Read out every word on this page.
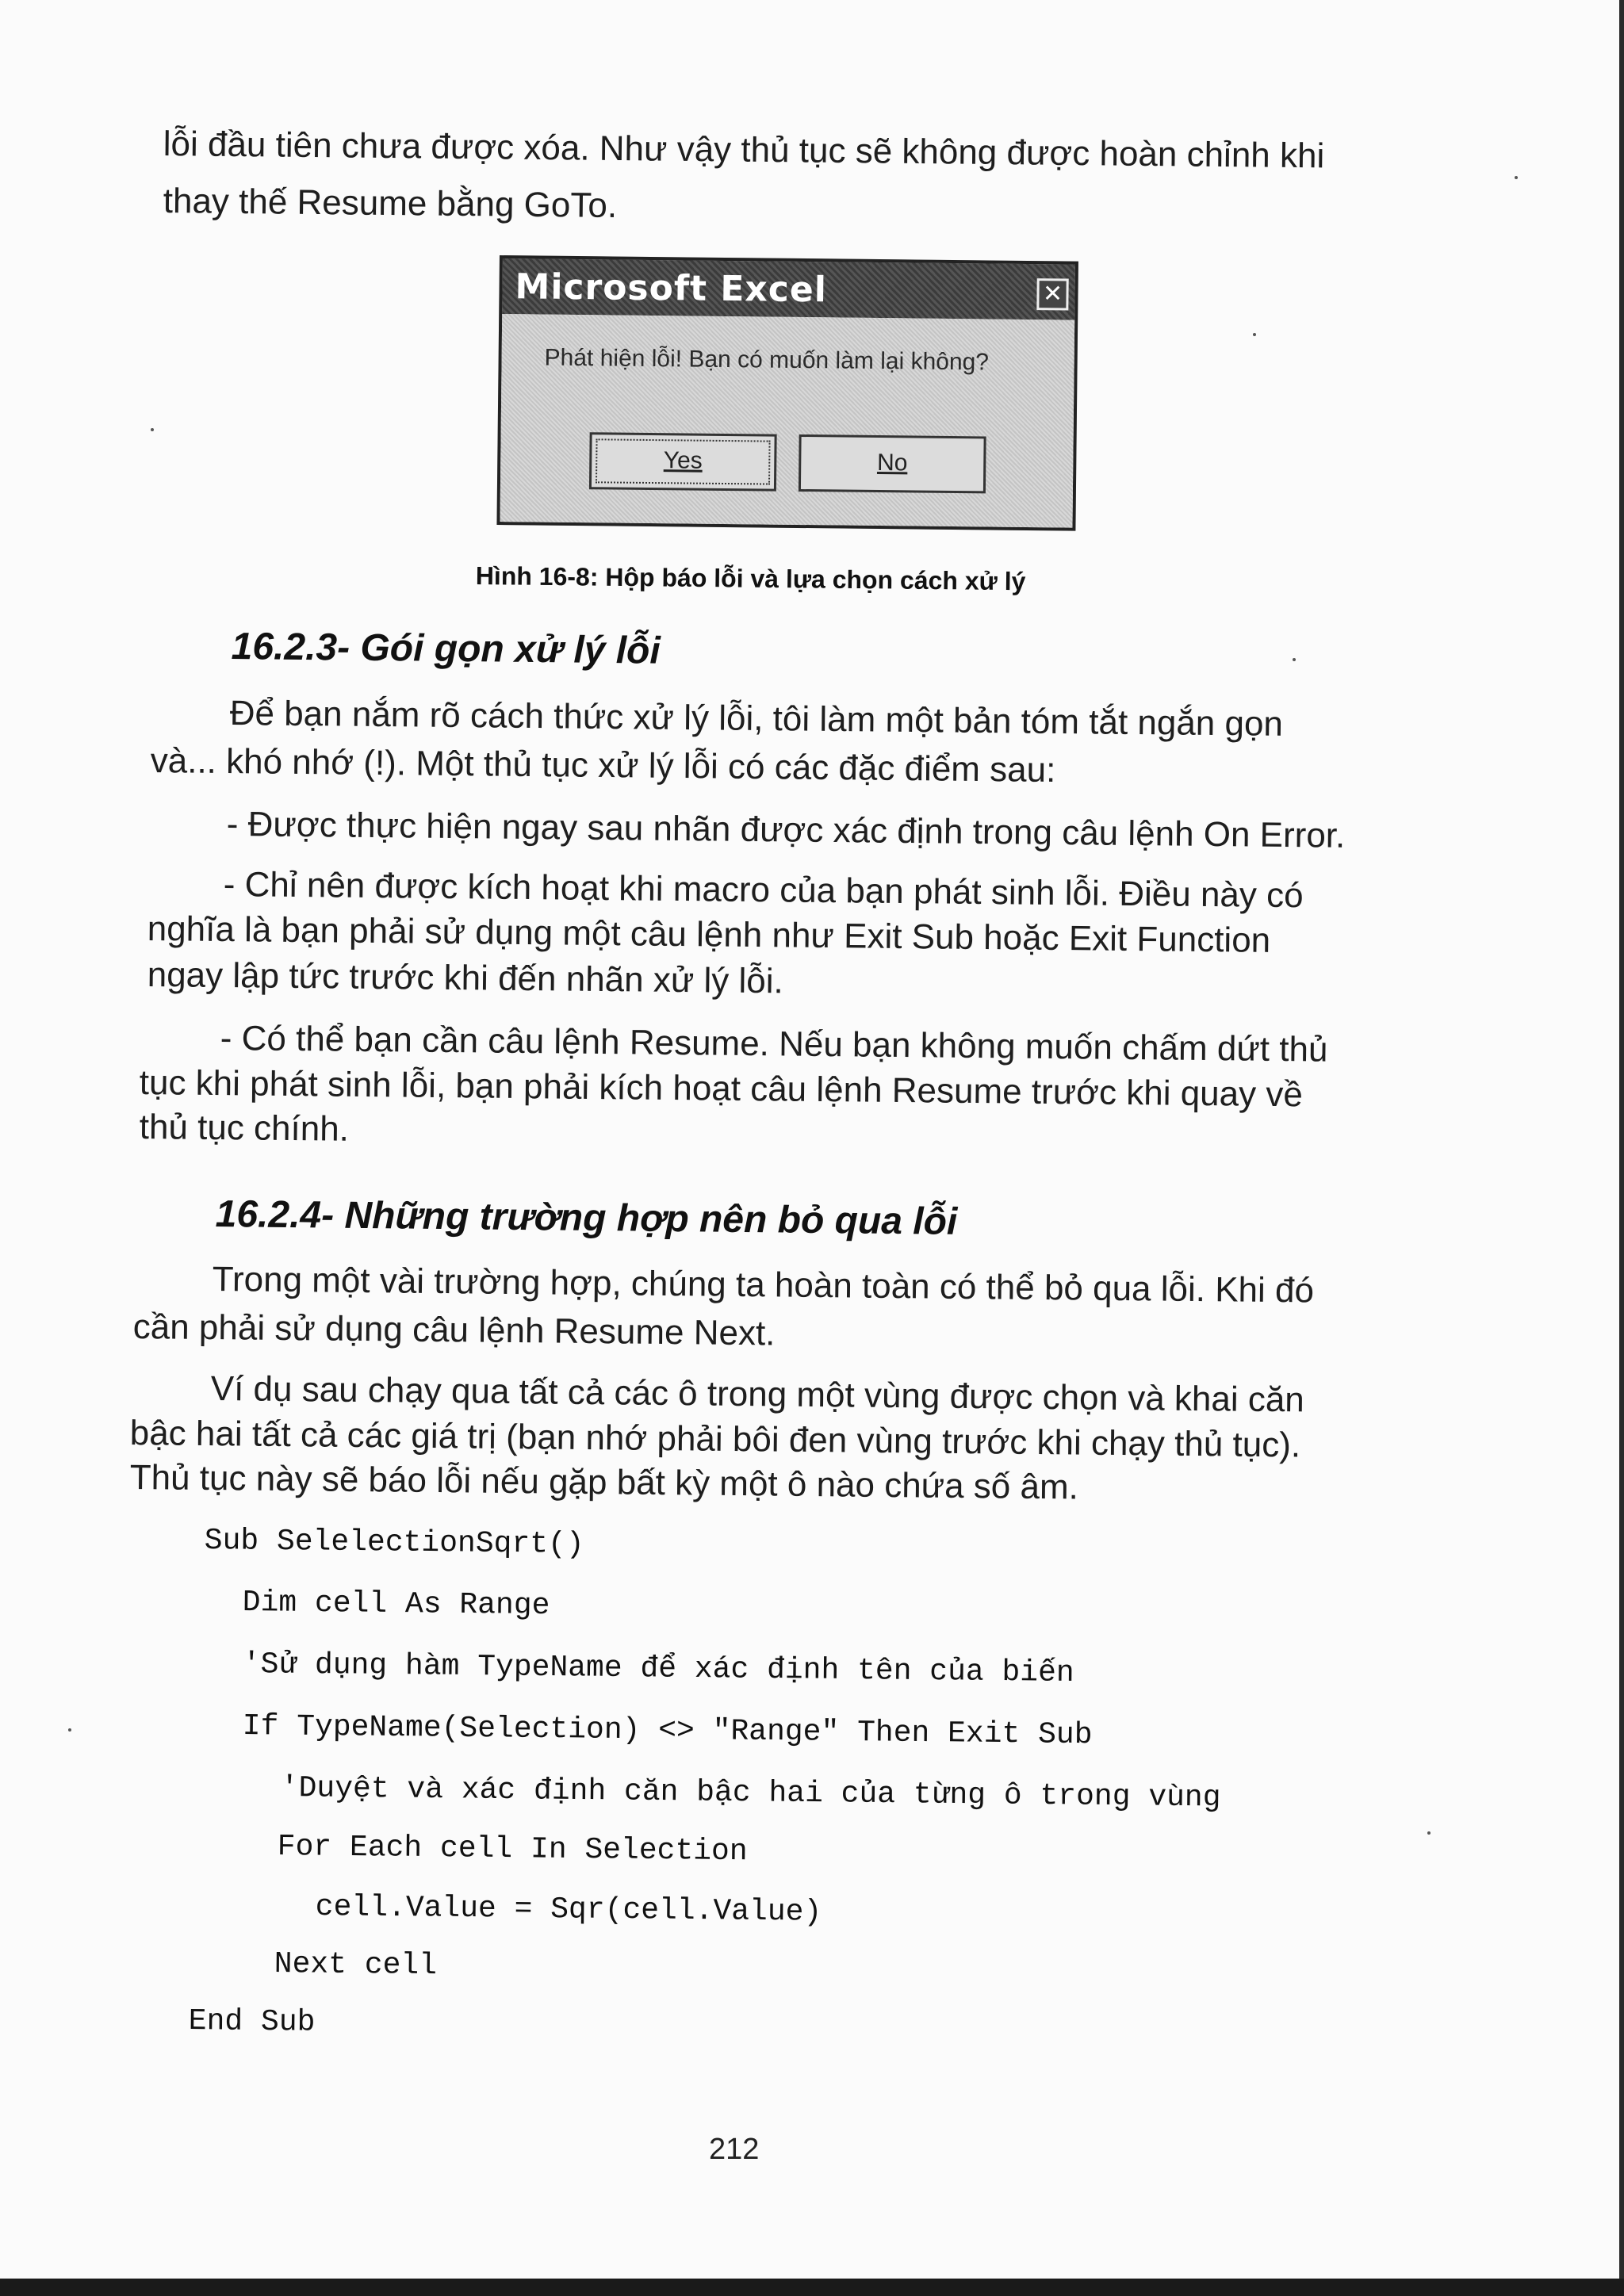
lỗi đầu tiên chưa được xóa. Như vậy thủ tục sẽ không được hoàn chỉnh khi

thay thế Resume bằng GoTo.

Microsoft Excel	✕
Phát hiện lỗi! Bạn có muốn làm lại không?
Yes	No

Hình 16-8: Hộp báo lỗi và lựa chọn cách xử lý

16.2.3- Gói gọn xử lý lỗi

Để bạn nắm rõ cách thức xử lý lỗi, tôi làm một bản tóm tắt ngắn gọn

và... khó nhớ (!). Một thủ tục xử lý lỗi có các đặc điểm sau:

- Được thực hiện ngay sau nhãn được xác định trong câu lệnh On Error.

- Chỉ nên được kích hoạt khi macro của bạn phát sinh lỗi. Điều này có

nghĩa là bạn phải sử dụng một câu lệnh như Exit Sub hoặc Exit Function

ngay lập tức trước khi đến nhãn xử lý lỗi.

- Có thể bạn cần câu lệnh Resume. Nếu bạn không muốn chấm dứt thủ

tục khi phát sinh lỗi, bạn phải kích hoạt câu lệnh Resume trước khi quay về

thủ tục chính.

16.2.4- Những trường hợp nên bỏ qua lỗi

Trong một vài trường hợp, chúng ta hoàn toàn có thể bỏ qua lỗi. Khi đó

cần phải sử dụng câu lệnh Resume Next.

Ví dụ sau chạy qua tất cả các ô trong một vùng được chọn và khai căn

bậc hai tất cả các giá trị (bạn nhớ phải bôi đen vùng trước khi chạy thủ tục).

Thủ tục này sẽ báo lỗi nếu gặp bất kỳ một ô nào chứa số âm.

Sub SelelectionSqrt()

Dim cell As Range

'Sử dụng hàm TypeName để xác định tên của biến

If TypeName(Selection) <> "Range" Then Exit Sub

'Duyệt và xác định căn bậc hai của từng ô trong vùng

For Each cell In Selection

cell.Value = Sqr(cell.Value)

Next cell

End Sub

212
